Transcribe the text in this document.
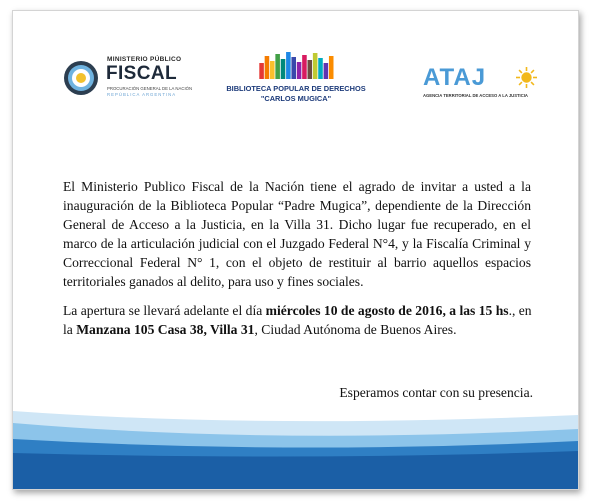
MINISTERIO PÚBLICO
FISCAL
PROCURACIÓN GENERAL DE LA NACIÓN
REPÚBLICA ARGENTINA
BIBLIOTECA POPULAR DE DERECHOS
"CARLOS MUGICA"
ATAJ
AGENCIA TERRITORIAL DE ACCESO A LA JUSTICIA

El Ministerio Publico Fiscal de la Nación tiene el agrado de invitar a usted a la inauguración de la Biblioteca Popular “Padre Mugica”, dependiente de la Dirección General de Acceso a la Justicia, en la Villa 31. Dicho lugar fue recuperado, en el marco de la articulación judicial con el Juzgado Federal N°4, y la Fiscalía Criminal y Correccional Federal N° 1, con el objeto de restituir al barrio aquellos espacios territoriales ganados al delito, para uso y fines sociales.

La apertura se llevará adelante el día miércoles 10 de agosto de 2016, a las 15 hs., en la Manzana 105 Casa 38, Villa 31, Ciudad Autónoma de Buenos Aires.

Esperamos contar con su presencia.
